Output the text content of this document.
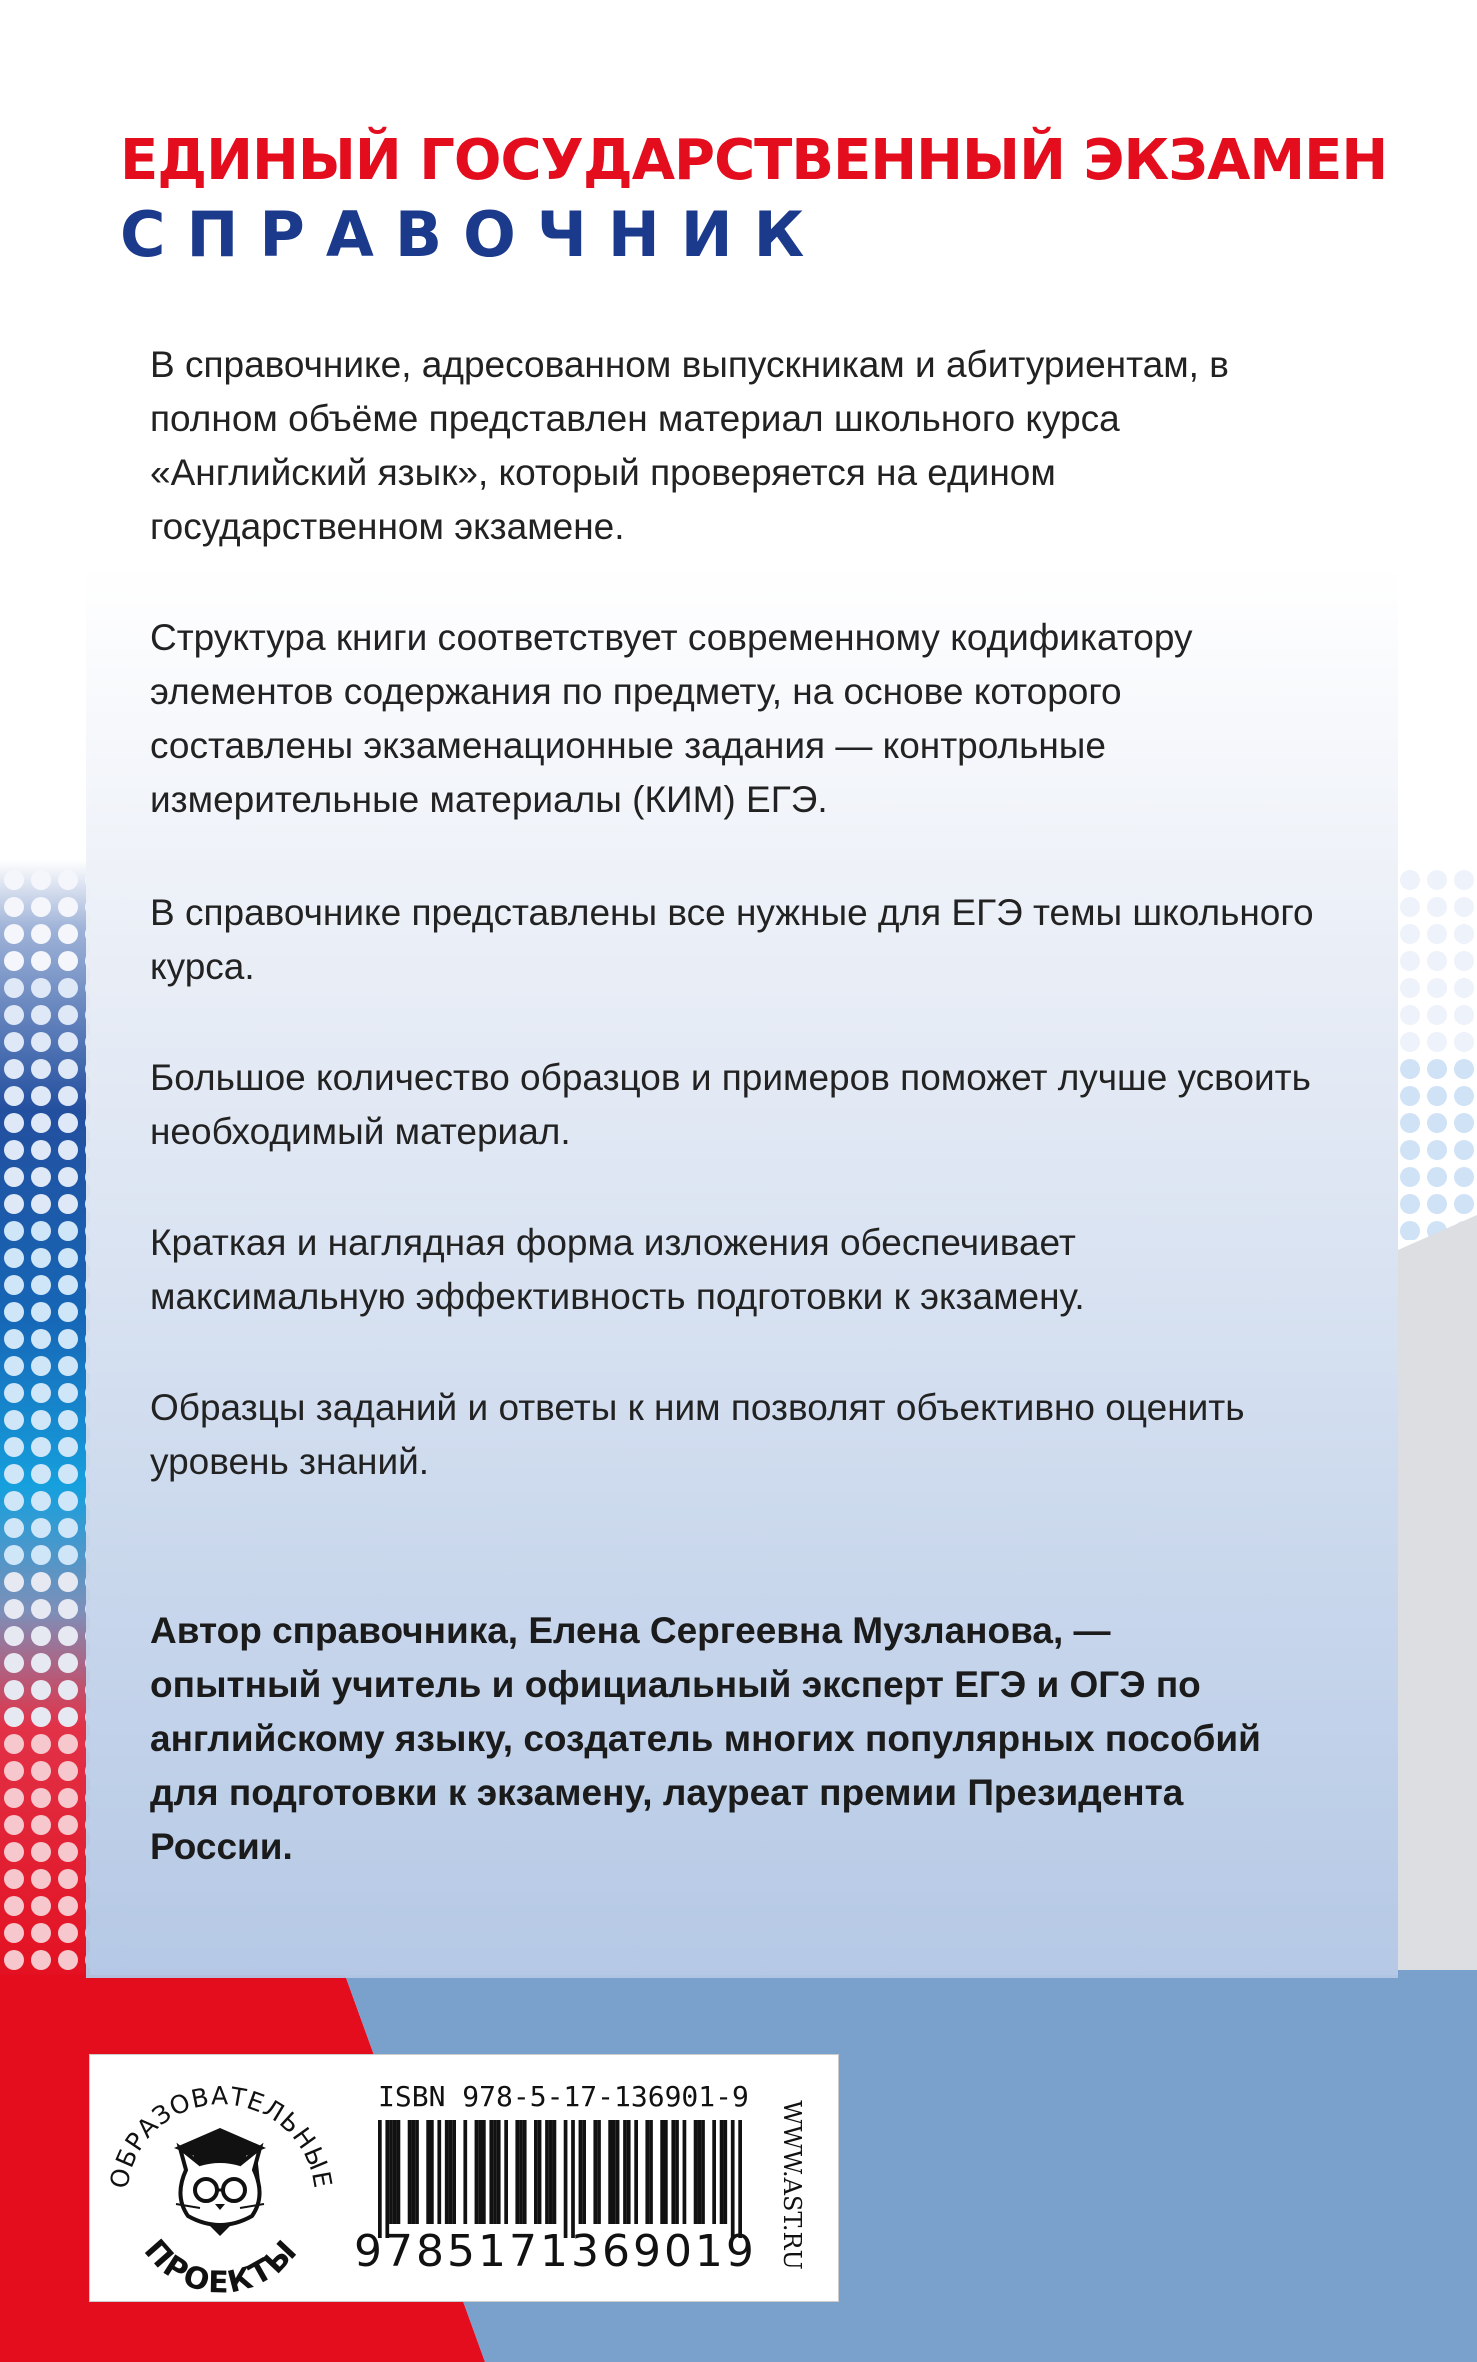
ЕДИНЫЙ ГОСУДАРСТВЕННЫЙ ЭКЗАМЕН
СПРАВОЧНИК

В справочнике, адресованном выпускникам и абитуриентам, в полном объёме представлен материал школьного курса «Английский язык», который проверяется на едином государственном экзамене.

Структура книги соответствует современному кодификатору элементов содержания по предмету, на основе которого составлены экзаменационные задания — контрольные измерительные материалы (КИМ) ЕГЭ.

В справочнике представлены все нужные для ЕГЭ темы школьного курса.

Большое количество образцов и примеров поможет лучше усвоить необходимый материал.

Краткая и наглядная форма изложения обеспечивает максимальную эффективность подготовки к экзамену.

Образцы заданий и ответы к ним позволят объективно оценить уровень знаний.

Автор справочника, Елена Сергеевна Музланова, — опытный учитель и официальный эксперт ЕГЭ и ОГЭ по английскому языку, создатель многих популярных пособий для подготовки к экзамену, лауреат премии Президента России.

ОБРАЗОВАТЕЛЬНЫЕ
ПРОЕКТЫ

ISBN 978-5-17-136901-9

9785171369019 WWW.AST.RU
